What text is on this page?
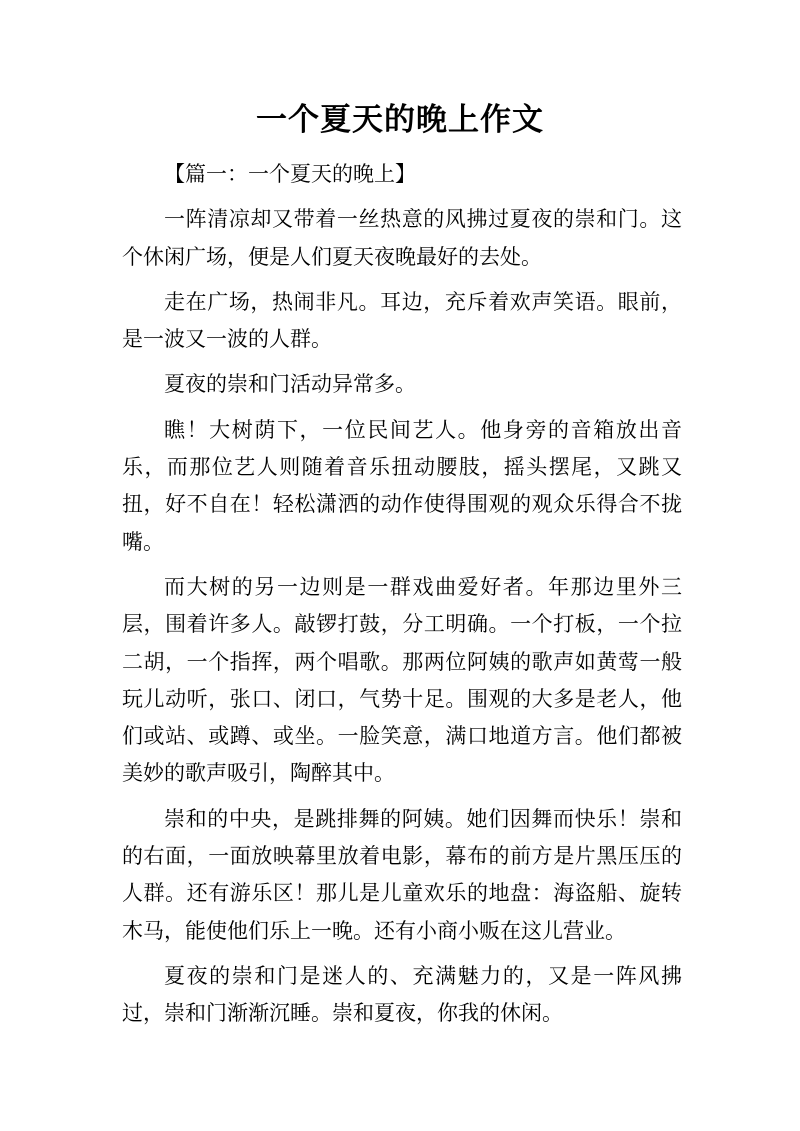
一个夏天的晚上作文

【篇一：一个夏天的晚上】

一阵清凉却又带着一丝热意的风拂过夏夜的崇和门。这个休闲广场，便是人们夏天夜晚最好的去处。

走在广场，热闹非凡。耳边，充斥着欢声笑语。眼前，是一波又一波的人群。

夏夜的崇和门活动异常多。

瞧！大树荫下，一位民间艺人。他身旁的音箱放出音乐，而那位艺人则随着音乐扭动腰肢，摇头摆尾，又跳又扭，好不自在！轻松潇洒的动作使得围观的观众乐得合不拢嘴。

而大树的另一边则是一群戏曲爱好者。年那边里外三层，围着许多人。敲锣打鼓，分工明确。一个打板，一个拉二胡，一个指挥，两个唱歌。那两位阿姨的歌声如黄莺一般玩儿动听，张口、闭口，气势十足。围观的大多是老人，他们或站、或蹲、或坐。一脸笑意，满口地道方言。他们都被美妙的歌声吸引，陶醉其中。

崇和的中央，是跳排舞的阿姨。她们因舞而快乐！崇和的右面，一面放映幕里放着电影，幕布的前方是片黑压压的人群。还有游乐区！那儿是儿童欢乐的地盘：海盗船、旋转木马，能使他们乐上一晚。还有小商小贩在这儿营业。

夏夜的崇和门是迷人的、充满魅力的，又是一阵风拂过，崇和门渐渐沉睡。崇和夏夜，你我的休闲。
